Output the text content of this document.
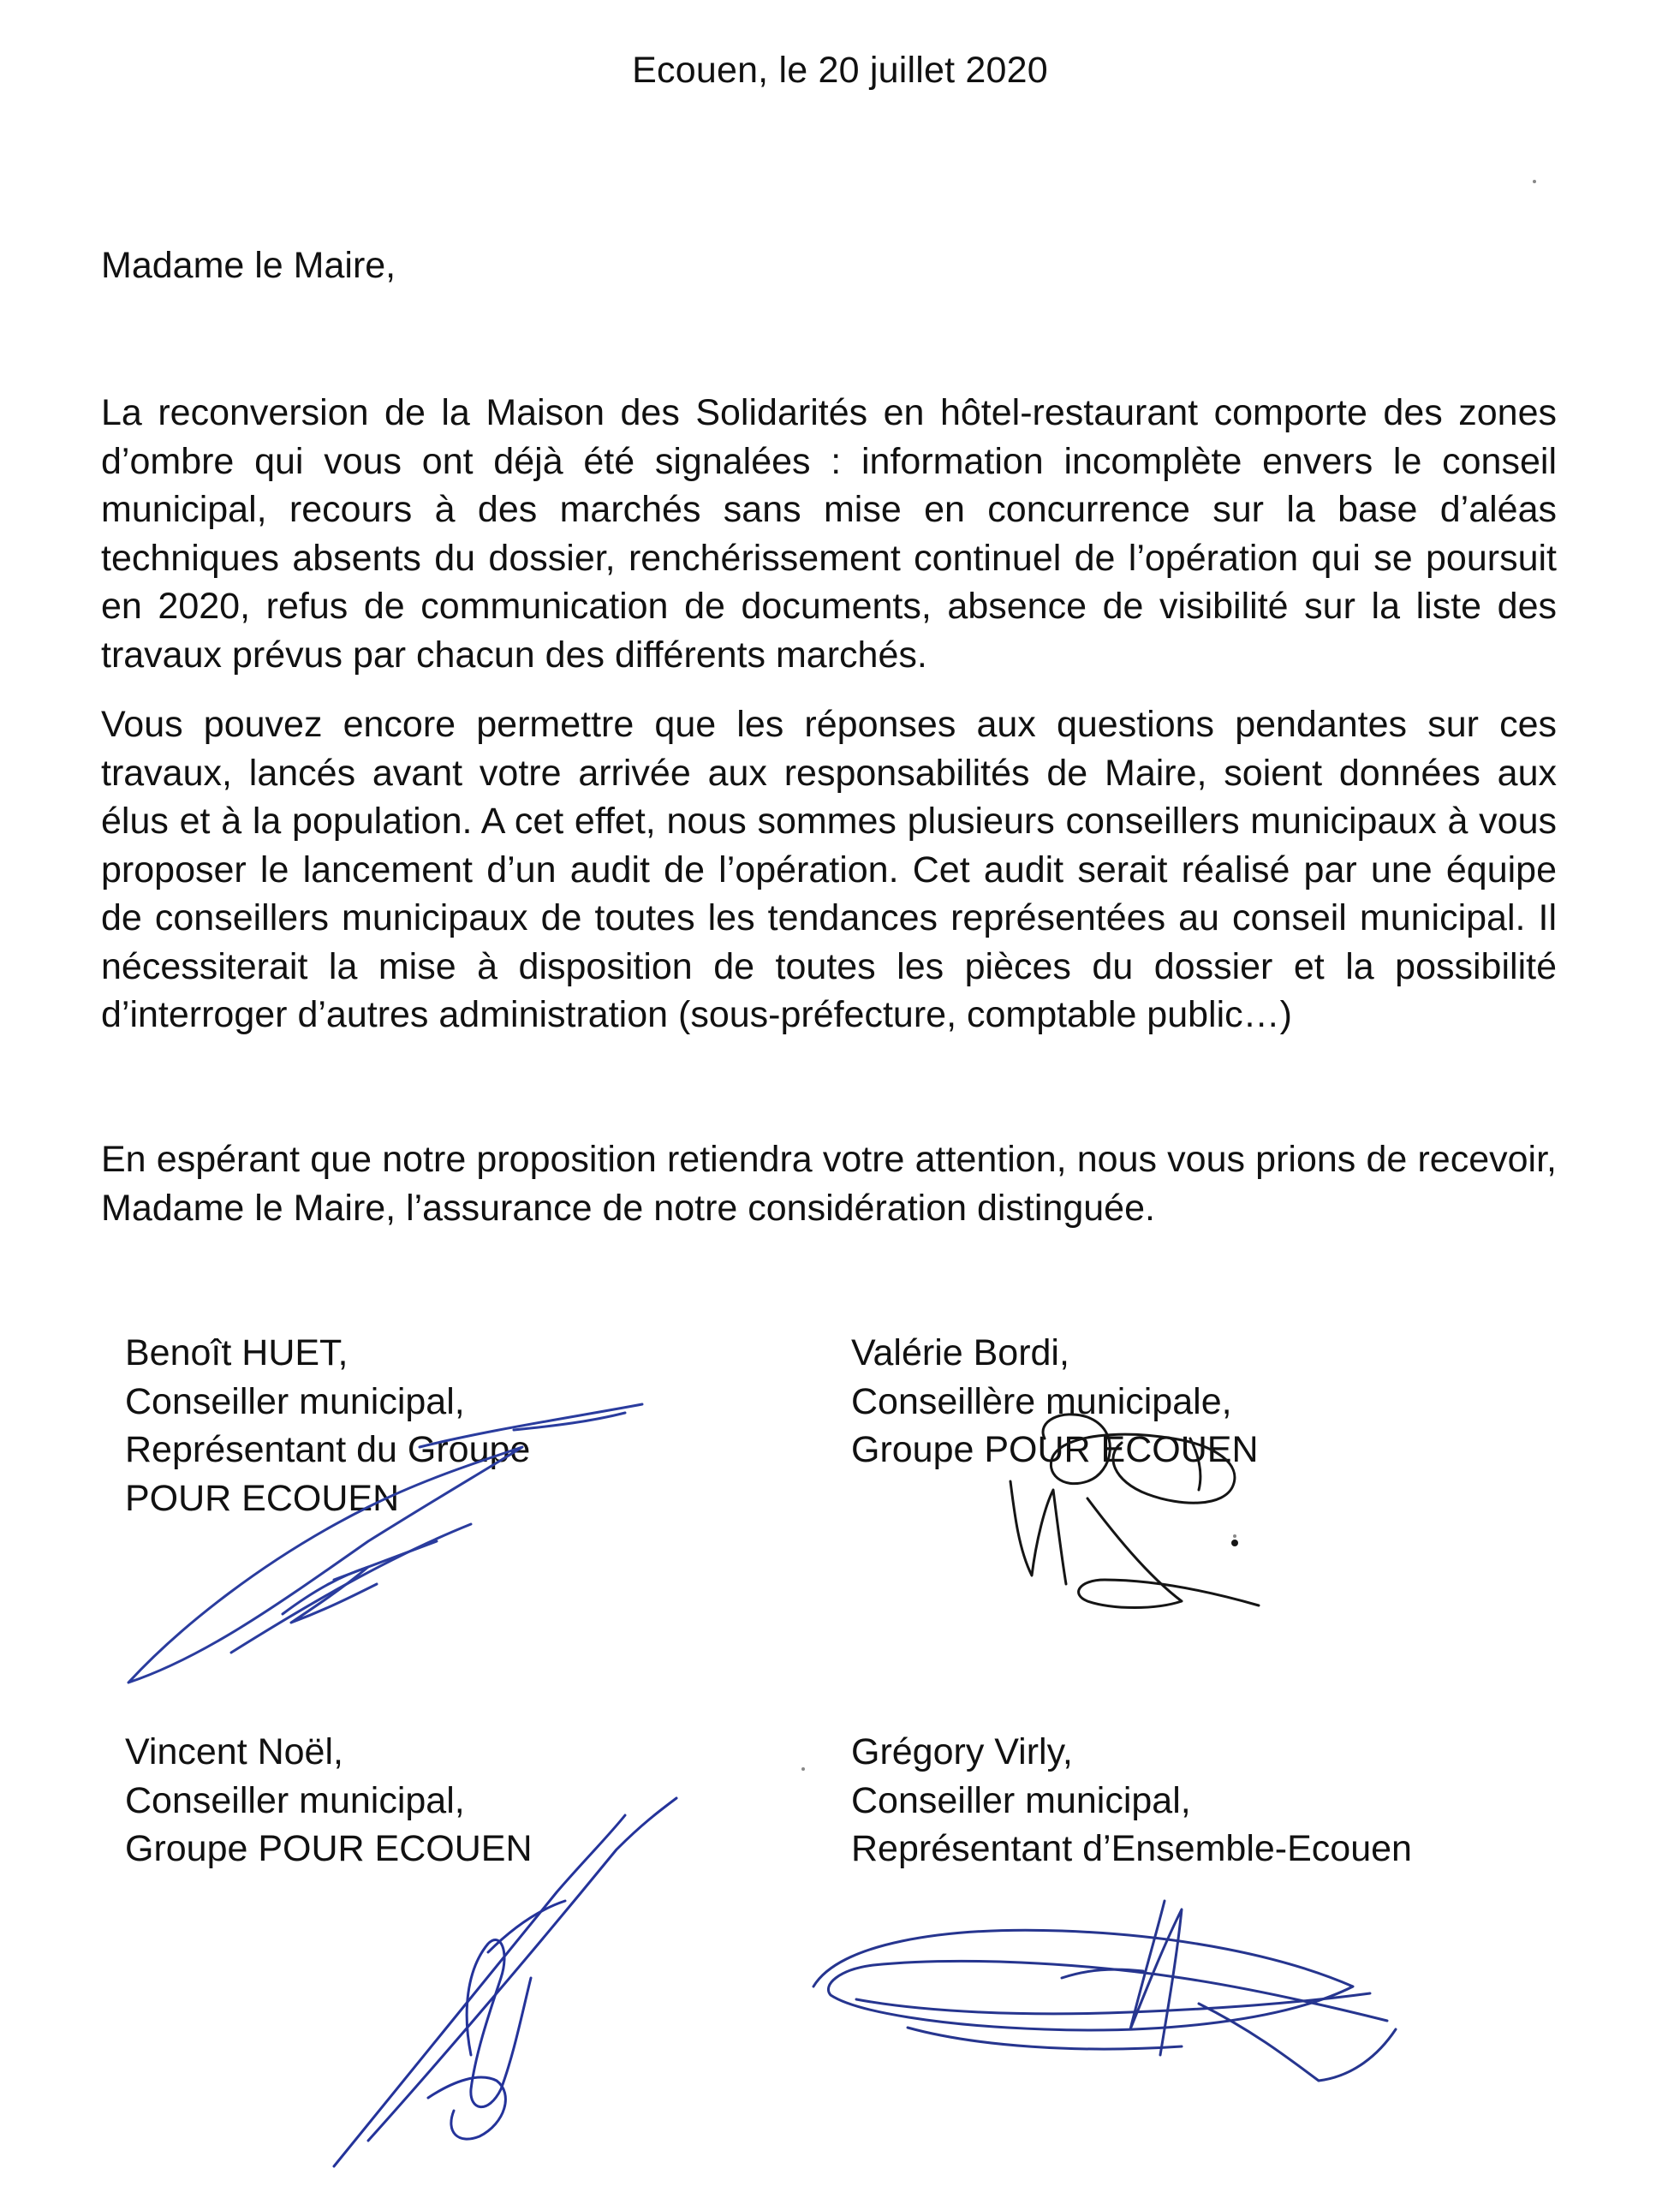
Ecouen, le 20 juillet 2020
Madame le Maire,

La reconversion de la Maison des Solidarités en hôtel-restaurant comporte des zones d’ombre qui vous ont déjà été signalées : information incomplète envers le conseil municipal, recours à des marchés sans mise en concurrence sur la base d’aléas techniques absents du dossier, renchérissement continuel de l’opération qui se poursuit en 2020, refus de communication de documents, absence de visibilité sur la liste des travaux prévus par chacun des différents marchés.

Vous pouvez encore permettre que les réponses aux questions pendantes sur ces travaux, lancés avant votre arrivée aux responsabilités de Maire, soient données aux élus et à la population. A cet effet, nous sommes plusieurs conseillers municipaux à vous proposer le lancement d’un audit de l’opération. Cet audit serait réalisé par une équipe de conseillers municipaux de toutes les tendances représentées au conseil municipal. Il nécessiterait la mise à disposition de toutes les pièces du dossier et la possibilité d’interroger d’autres administration (sous-préfecture, comptable public…)

En espérant que notre proposition retiendra votre attention, nous vous prions de recevoir, Madame le Maire, l’assurance de notre considération distinguée.

Benoît HUET,
Conseiller municipal,
Représentant du Groupe
POUR ECOUEN
Valérie Bordi,
Conseillère municipale,
Groupe POUR ECOUEN
Vincent Noël,
Conseiller municipal,
Groupe POUR ECOUEN
Grégory Virly,
Conseiller municipal,
Représentant d’Ensemble-Ecouen
